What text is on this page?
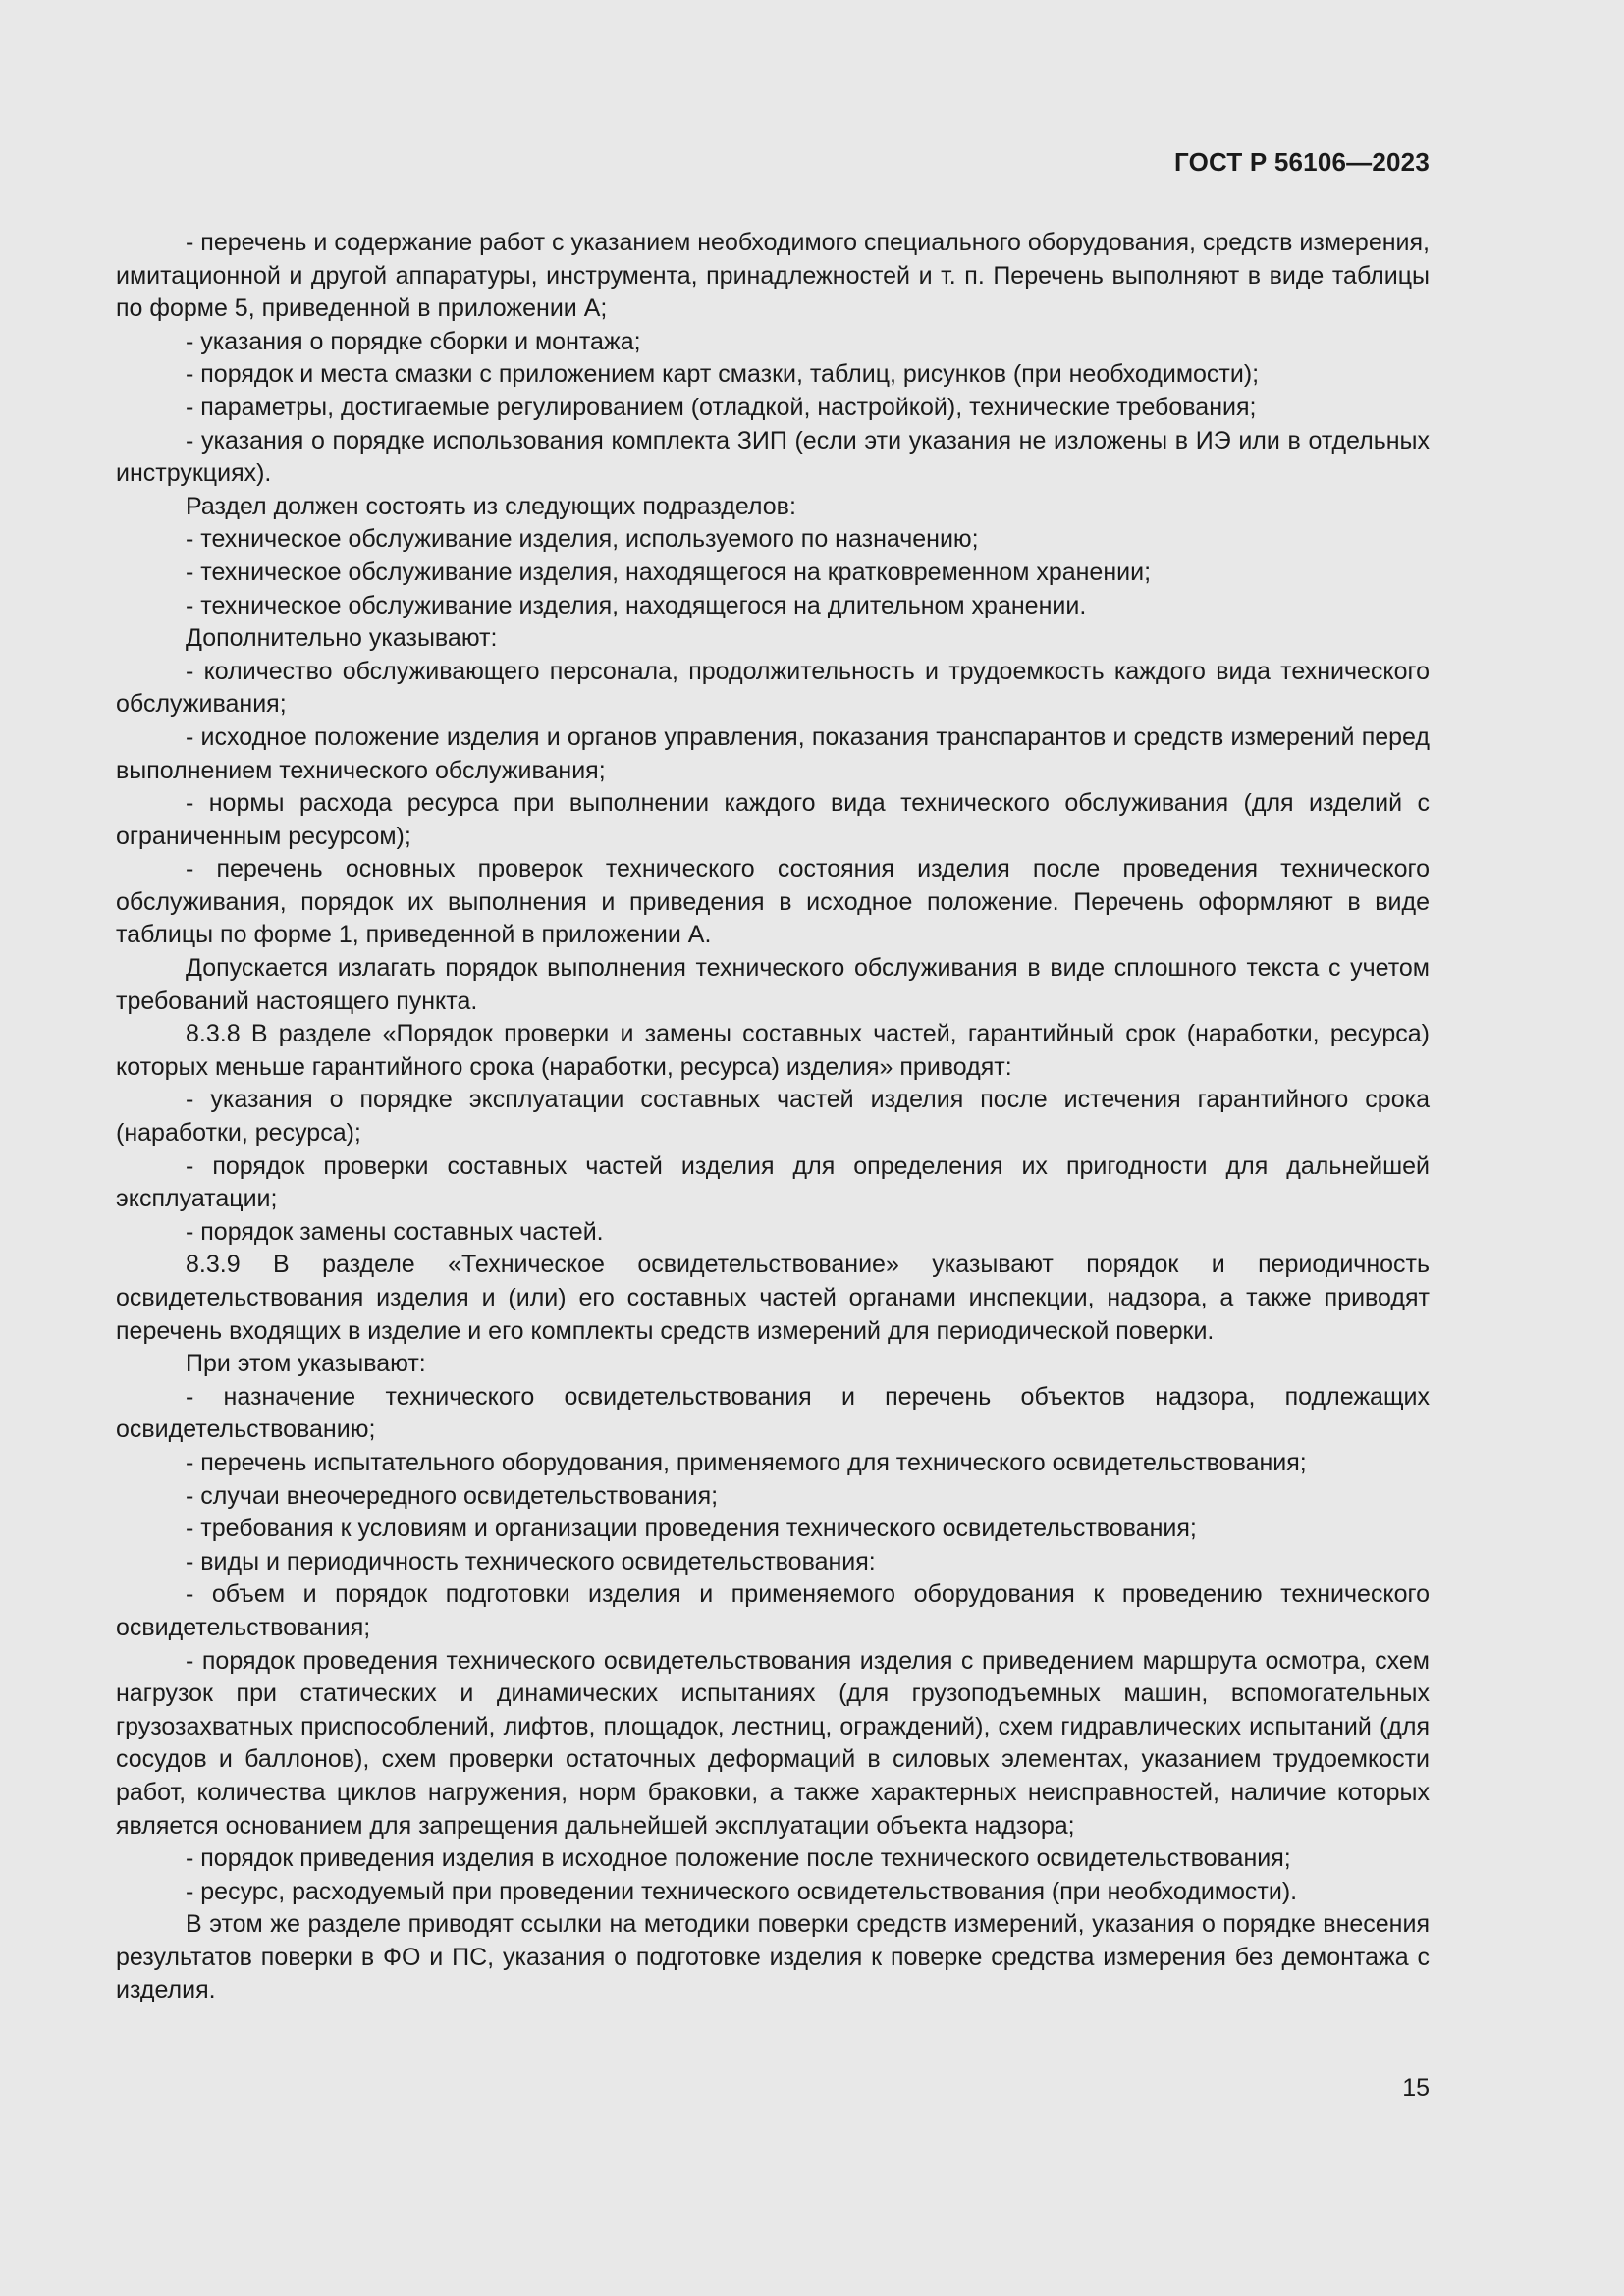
ГОСТ Р 56106—2023

- перечень и содержание работ с указанием необходимого специального оборудования, средств измерения, имитационной и другой аппаратуры, инструмента, принадлежностей и т. п. Перечень выполняют в виде таблицы по форме 5, приведенной в приложении А;

- указания о порядке сборки и монтажа;

- порядок и места смазки с приложением карт смазки, таблиц, рисунков (при необходимости);

- параметры, достигаемые регулированием (отладкой, настройкой), технические требования;

- указания о порядке использования комплекта ЗИП (если эти указания не изложены в ИЭ или в отдельных инструкциях).

Раздел должен состоять из следующих подразделов:

- техническое обслуживание изделия, используемого по назначению;

- техническое обслуживание изделия, находящегося на кратковременном хранении;

- техническое обслуживание изделия, находящегося на длительном хранении.

Дополнительно указывают:

- количество обслуживающего персонала, продолжительность и трудоемкость каждого вида технического обслуживания;

- исходное положение изделия и органов управления, показания транспарантов и средств измерений перед выполнением технического обслуживания;

- нормы расхода ресурса при выполнении каждого вида технического обслуживания (для изделий с ограниченным ресурсом);

- перечень основных проверок технического состояния изделия после проведения технического обслуживания, порядок их выполнения и приведения в исходное положение. Перечень оформляют в виде таблицы по форме 1, приведенной в приложении А.

Допускается излагать порядок выполнения технического обслуживания в виде сплошного текста с учетом требований настоящего пункта.

8.3.8 В разделе «Порядок проверки и замены составных частей, гарантийный срок (наработки, ресурса) которых меньше гарантийного срока (наработки, ресурса) изделия» приводят:

- указания о порядке эксплуатации составных частей изделия после истечения гарантийного срока (наработки, ресурса);

- порядок проверки составных частей изделия для определения их пригодности для дальнейшей эксплуатации;

- порядок замены составных частей.

8.3.9 В разделе «Техническое освидетельствование» указывают порядок и периодичность освидетельствования изделия и (или) его составных частей органами инспекции, надзора, а также приводят перечень входящих в изделие и его комплекты средств измерений для периодической поверки.

При этом указывают:

- назначение технического освидетельствования и перечень объектов надзора, подлежащих освидетельствованию;

- перечень испытательного оборудования, применяемого для технического освидетельствования;

- случаи внеочередного освидетельствования;

- требования к условиям и организации проведения технического освидетельствования;

- виды и периодичность технического освидетельствования:

- объем и порядок подготовки изделия и применяемого оборудования к проведению технического освидетельствования;

- порядок проведения технического освидетельствования изделия с приведением маршрута осмотра, схем нагрузок при статических и динамических испытаниях (для грузоподъемных машин, вспомогательных грузозахватных приспособлений, лифтов, площадок, лестниц, ограждений), схем гидравлических испытаний (для сосудов и баллонов), схем проверки остаточных деформаций в силовых элементах, указанием трудоемкости работ, количества циклов нагружения, норм браковки, а также характерных неисправностей, наличие которых является основанием для запрещения дальнейшей эксплуатации объекта надзора;

- порядок приведения изделия в исходное положение после технического освидетельствования;

- ресурс, расходуемый при проведении технического освидетельствования (при необходимости).

В этом же разделе приводят ссылки на методики поверки средств измерений, указания о порядке внесения результатов поверки в ФО и ПС, указания о подготовке изделия к поверке средства измерения без демонтажа с изделия.

15
